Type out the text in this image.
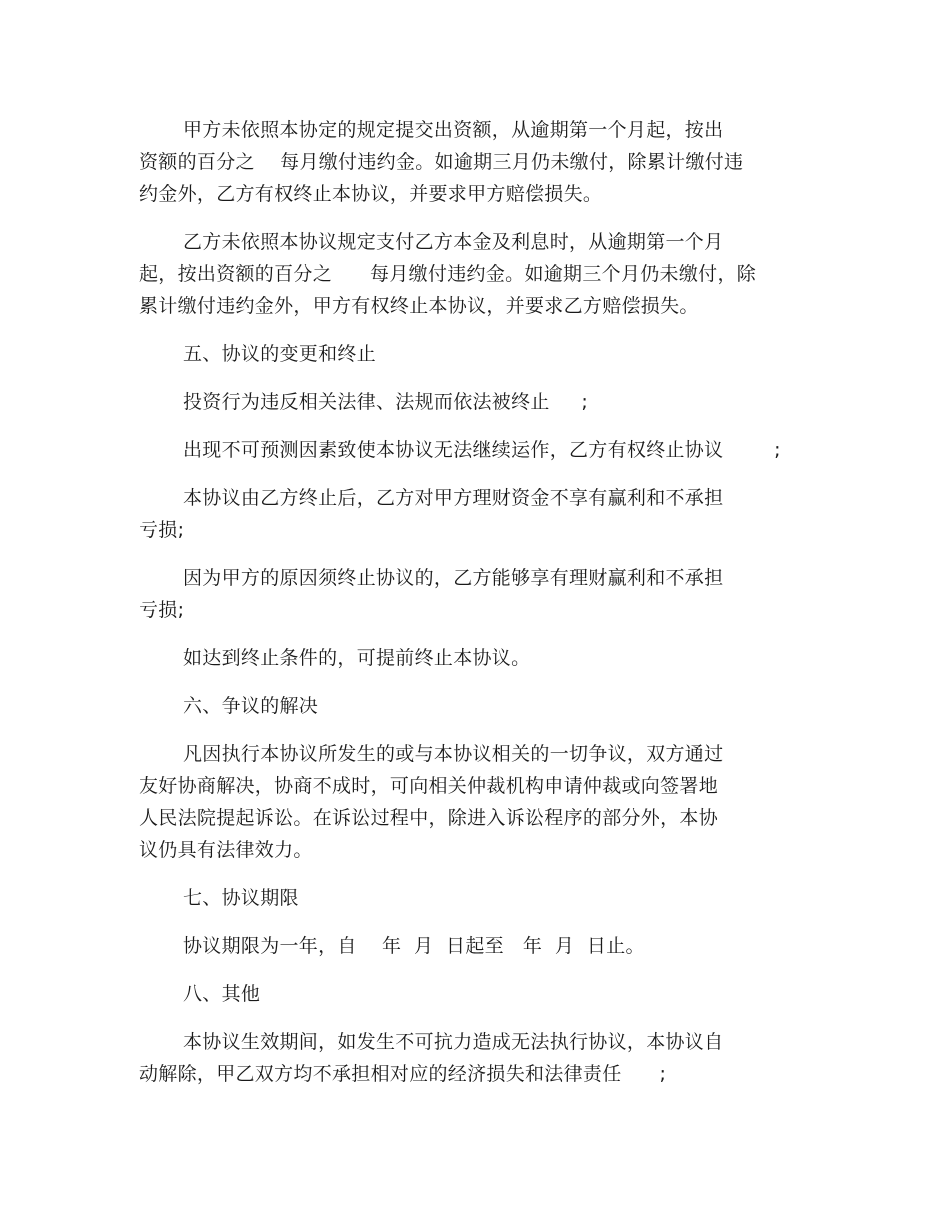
甲方未依照本协定的规定提交出资额，从逾期第一个月起，按出

资额的百分之    每月缴付违约金。如逾期三月仍未缴付，除累计缴付违

约金外，乙方有权终止本协议，并要求甲方赔偿损失。

乙方未依照本协议规定支付乙方本金及利息时，从逾期第一个月

起，按出资额的百分之      每月缴付违约金。如逾期三个月仍未缴付，除

累计缴付违约金外，甲方有权终止本协议，并要求乙方赔偿损失。

五、协议的变更和终止

投资行为违反相关法律、法规而依法被终止     ;

出现不可预测因素致使本协议无法继续运作，乙方有权终止协议        ;

本协议由乙方终止后，乙方对甲方理财资金不享有赢利和不承担

亏损;

因为甲方的原因须终止协议的，乙方能够享有理财赢利和不承担

亏损;

如达到终止条件的，可提前终止本协议。

六、争议的解决

凡因执行本协议所发生的或与本协议相关的一切争议，双方通过

友好协商解决，协商不成时，可向相关仲裁机构申请仲裁或向签署地

人民法院提起诉讼。在诉讼过程中，除进入诉讼程序的部分外，本协

议仍具有法律效力。

七、协议期限

协议期限为一年，自    年  月  日起至   年  月  日止。

八、其他

本协议生效期间，如发生不可抗力造成无法执行协议，本协议自

动解除，甲乙双方均不承担相对应的经济损失和法律责任      ;
